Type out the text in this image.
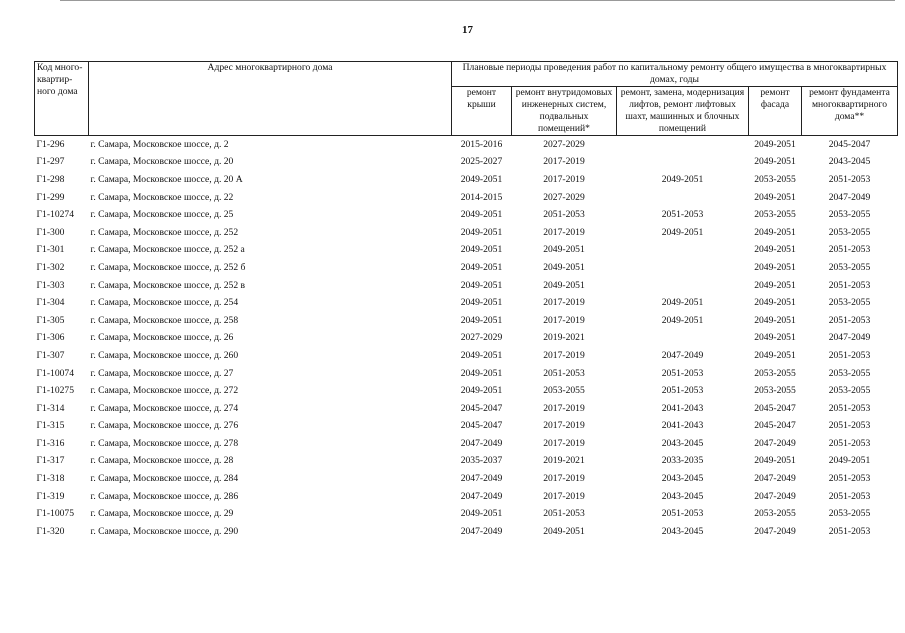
17
Код много-квартир-ного дома	Адрес многоквартирного дома	Плановые периоды проведения работ по капитальному ремонту общего имущества в многоквартирных домах, годы				
		ремонт крыши	ремонт внутридомовых инженерных систем, подвальных помещений*	ремонт, замена, модернизация лифтов, ремонт лифтовых шахт, машинных и блочных помещений	ремонт фасада	ремонт фундамента многоквартирного дома**
Г1-296	г. Самара, Московское шоссе, д. 2	2015-2016	2027-2029		2049-2051	2045-2047
Г1-297	г. Самара, Московское шоссе, д. 20	2025-2027	2017-2019		2049-2051	2043-2045
Г1-298	г. Самара, Московское шоссе, д. 20 А	2049-2051	2017-2019	2049-2051	2053-2055	2051-2053
Г1-299	г. Самара, Московское шоссе, д. 22	2014-2015	2027-2029		2049-2051	2047-2049
Г1-10274	г. Самара, Московское шоссе, д. 25	2049-2051	2051-2053	2051-2053	2053-2055	2053-2055
Г1-300	г. Самара, Московское шоссе, д. 252	2049-2051	2017-2019	2049-2051	2049-2051	2053-2055
Г1-301	г. Самара, Московское шоссе, д. 252 а	2049-2051	2049-2051		2049-2051	2051-2053
Г1-302	г. Самара, Московское шоссе, д. 252 б	2049-2051	2049-2051		2049-2051	2053-2055
Г1-303	г. Самара, Московское шоссе, д. 252 в	2049-2051	2049-2051		2049-2051	2051-2053
Г1-304	г. Самара, Московское шоссе, д. 254	2049-2051	2017-2019	2049-2051	2049-2051	2053-2055
Г1-305	г. Самара, Московское шоссе, д. 258	2049-2051	2017-2019	2049-2051	2049-2051	2051-2053
Г1-306	г. Самара, Московское шоссе, д. 26	2027-2029	2019-2021		2049-2051	2047-2049
Г1-307	г. Самара, Московское шоссе, д. 260	2049-2051	2017-2019	2047-2049	2049-2051	2051-2053
Г1-10074	г. Самара, Московское шоссе, д. 27	2049-2051	2051-2053	2051-2053	2053-2055	2053-2055
Г1-10275	г. Самара, Московское шоссе, д. 272	2049-2051	2053-2055	2051-2053	2053-2055	2053-2055
Г1-314	г. Самара, Московское шоссе, д. 274	2045-2047	2017-2019	2041-2043	2045-2047	2051-2053
Г1-315	г. Самара, Московское шоссе, д. 276	2045-2047	2017-2019	2041-2043	2045-2047	2051-2053
Г1-316	г. Самара, Московское шоссе, д. 278	2047-2049	2017-2019	2043-2045	2047-2049	2051-2053
Г1-317	г. Самара, Московское шоссе, д. 28	2035-2037	2019-2021	2033-2035	2049-2051	2049-2051
Г1-318	г. Самара, Московское шоссе, д. 284	2047-2049	2017-2019	2043-2045	2047-2049	2051-2053
Г1-319	г. Самара, Московское шоссе, д. 286	2047-2049	2017-2019	2043-2045	2047-2049	2051-2053
Г1-10075	г. Самара, Московское шоссе, д. 29	2049-2051	2051-2053	2051-2053	2053-2055	2053-2055
Г1-320	г. Самара, Московское шоссе, д. 290	2047-2049	2049-2051	2043-2045	2047-2049	2051-2053
